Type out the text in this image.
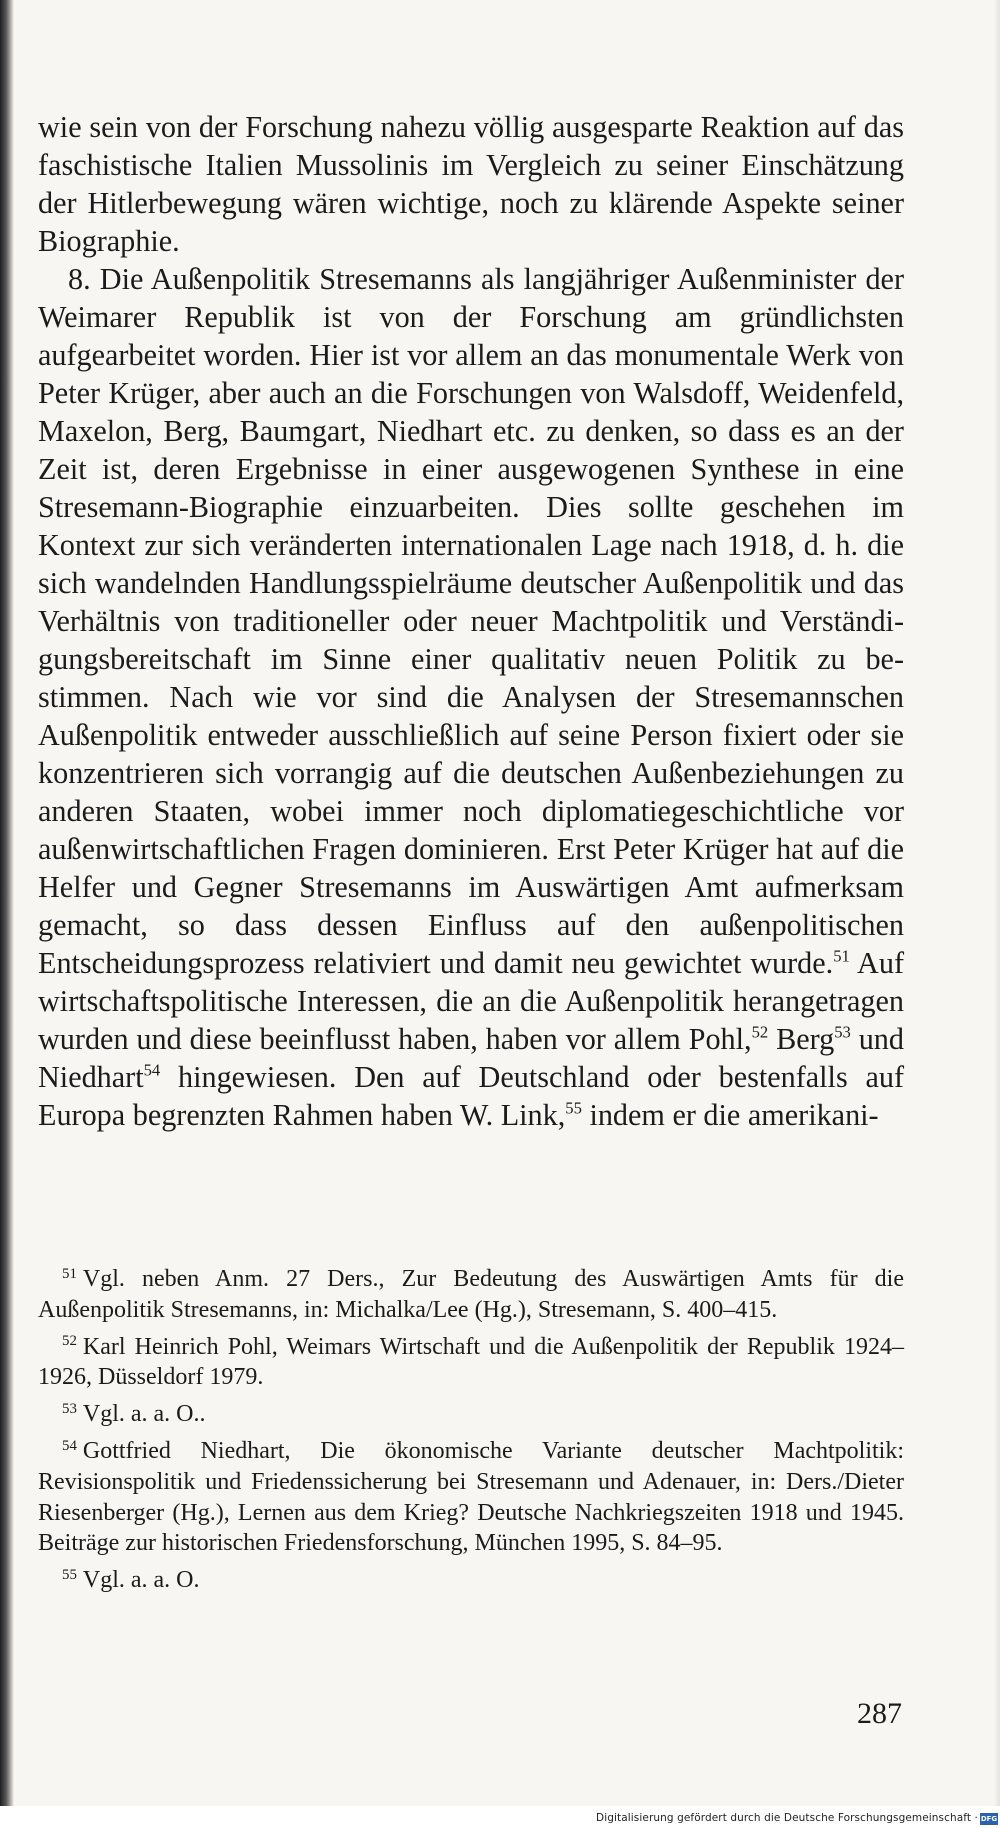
wie sein von der Forschung nahezu völlig ausgesparte Reaktion auf das faschistische Italien Mussolinis im Vergleich zu seiner Einschätzung der Hitlerbewegung wären wichtige, noch zu klärende Aspekte seiner Biographie.

8. Die Außenpolitik Stresemanns als langjähriger Außenminister der Weimarer Republik ist von der Forschung am gründlichsten aufgearbeitet worden. Hier ist vor allem an das monumentale Werk von Peter Krüger, aber auch an die Forschungen von Walsdoff, Weidenfeld, Maxelon, Berg, Baumgart, Niedhart etc. zu denken, so dass es an der Zeit ist, deren Ergebnisse in einer ausgewogenen Synthese in eine Stresemann-Biographie einzuarbeiten. Dies sollte geschehen im Kontext zur sich veränderten internationalen Lage nach 1918, d. h. die sich wandelnden Handlungsspielräume deutscher Außenpolitik und das Verhältnis von traditioneller oder neuer Machtpolitik und Verständigungsbereitschaft im Sinne einer qualitativ neuen Politik zu bestimmen. Nach wie vor sind die Analysen der Stresemannschen Außenpolitik entweder ausschließlich auf seine Person fixiert oder sie konzentrieren sich vorrangig auf die deutschen Außenbeziehungen zu anderen Staaten, wobei immer noch diplomatiegeschichtliche vor außenwirtschaftlichen Fragen dominieren. Erst Peter Krüger hat auf die Helfer und Gegner Stresemanns im Auswärtigen Amt aufmerksam gemacht, so dass dessen Einfluss auf den außenpolitischen Entscheidungsprozess relativiert und damit neu gewichtet wurde.$^{51}$ Auf wirtschaftspolitische Interessen, die an die Außenpolitik herangetragen wurden und diese beeinflusst haben, haben vor allem Pohl,$^{52}$ Berg$^{53}$ und Niedhart$^{54}$ hingewiesen. Den auf Deutschland oder bestenfalls auf Europa begrenzten Rahmen haben W. Link,$^{55}$ indem er die amerikani-

$^{51}$ Vgl. neben Anm. 27 Ders., Zur Bedeutung des Auswärtigen Amts für die Außenpolitik Stresemanns, in: Michalka/Lee (Hg.), Stresemann, S. 400–415.

$^{52}$ Karl Heinrich Pohl, Weimars Wirtschaft und die Außenpolitik der Republik 1924–1926, Düsseldorf 1979.

$^{53}$ Vgl. a. a. O..

$^{54}$ Gottfried Niedhart, Die ökonomische Variante deutscher Machtpolitik: Revisionspolitik und Friedenssicherung bei Stresemann und Adenauer, in: Ders./Dieter Riesenberger (Hg.), Lernen aus dem Krieg? Deutsche Nachkriegszeiten 1918 und 1945. Beiträge zur historischen Friedensforschung, München 1995, S. 84–95.

$^{55}$ Vgl. a. a. O.

287
Digitalisierung gefördert durch die Deutsche Forschungsgemeinschaft · DFG
